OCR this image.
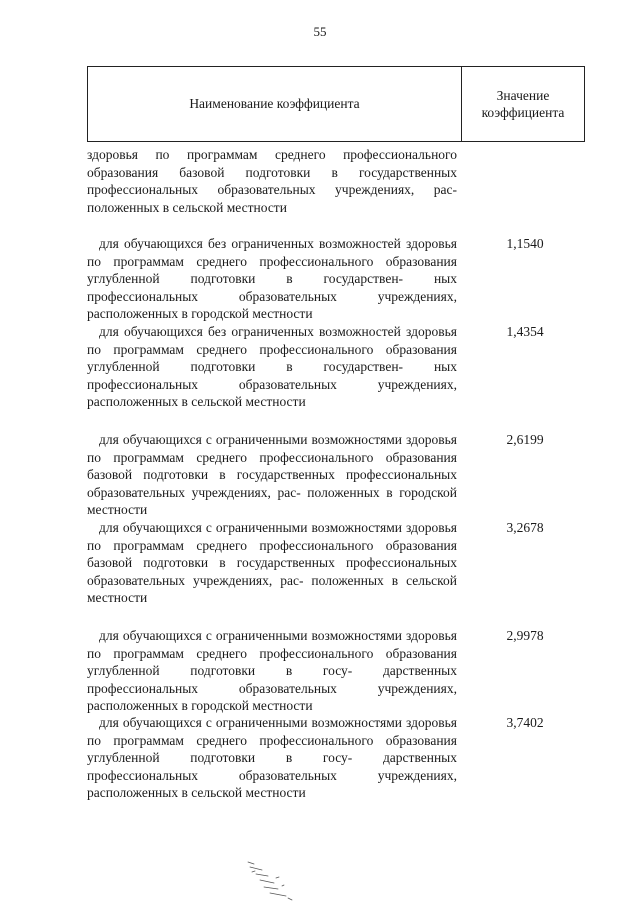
55
Наименование коэффициента
Значение коэффициента
здоровья по программам среднего профессионального образования базовой подготовки в государственных профессиональных образовательных учреждениях, рас- положенных в сельской местности
для обучающихся без ограниченных возможностей здоровья по программам среднего профессионального образования углубленной подготовки в государствен- ных профессиональных образовательных учреждениях, расположенных в городской местности
1,1540
для обучающихся без ограниченных возможностей здоровья по программам среднего профессионального образования углубленной подготовки в государствен- ных профессиональных образовательных учреждениях, расположенных в сельской местности
1,4354
для обучающихся с ограниченными возможностями здоровья по программам среднего профессионального образования базовой подготовки в государственных профессиональных образовательных учреждениях, рас- положенных в городской местности
2,6199
для обучающихся с ограниченными возможностями здоровья по программам среднего профессионального образования базовой подготовки в государственных профессиональных образовательных учреждениях, рас- положенных в сельской местности
3,2678
для обучающихся с ограниченными возможностями здоровья по программам среднего профессионального образования углубленной подготовки в госу- дарственных профессиональных образовательных учреждениях, расположенных в городской местности
2,9978
для обучающихся с ограниченными возможностями здоровья по программам среднего профессионального образования углубленной подготовки в госу- дарственных профессиональных образовательных учреждениях, расположенных в сельской местности
3,7402
